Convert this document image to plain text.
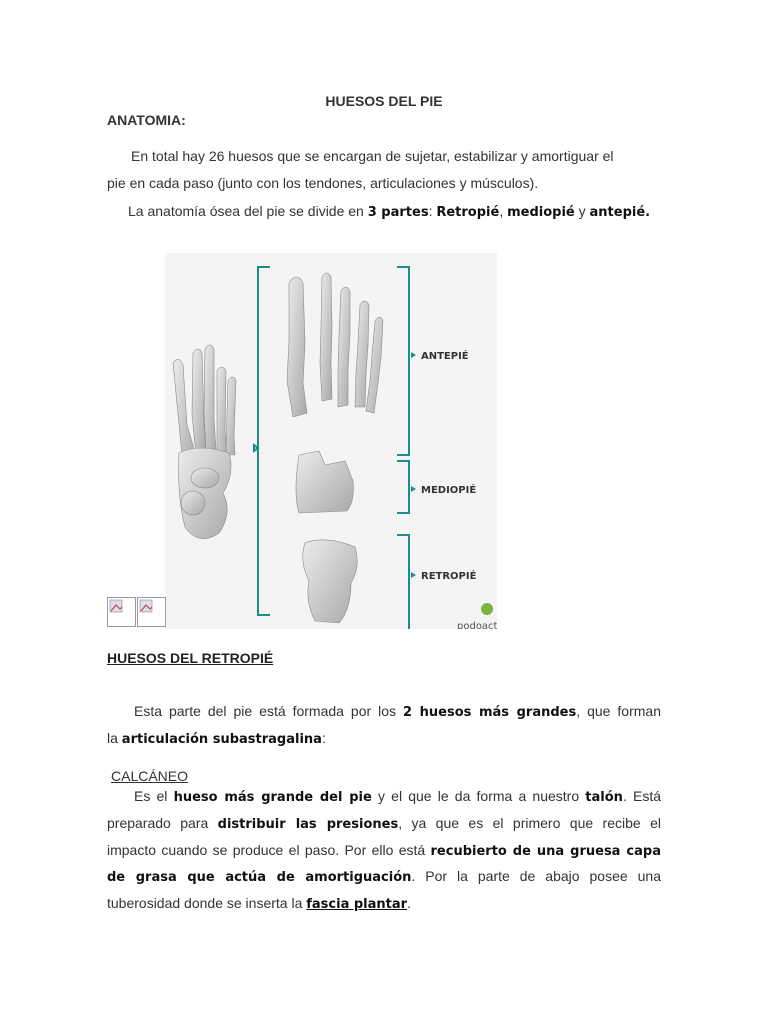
HUESOS DEL PIE
ANATOMIA:
En total hay 26 huesos que se encargan de sujetar, estabilizar y amortiguar el
pie en cada paso (junto con los tendones, articulaciones y músculos).
La anatomía ósea del pie se divide en 3 partes: Retropié, mediopié y antepié.
ANTEPIÉ
MEDIOPIÉ
RETROPIÉ
podoacti
HUESOS DEL RETROPIÉ
Esta parte del pie está formada por los 2 huesos más grandes, que forman
la articulación subastragalina:
CALCÁNEO
Es el hueso más grande del pie y el que le da forma a nuestro talón. Está
preparado para distribuir las presiones, ya que es el primero que recibe el
impacto cuando se produce el paso. Por ello está recubierto de una gruesa capa
de grasa que actúa de amortiguación. Por la parte de abajo posee una
tuberosidad donde se inserta la fascia plantar.
